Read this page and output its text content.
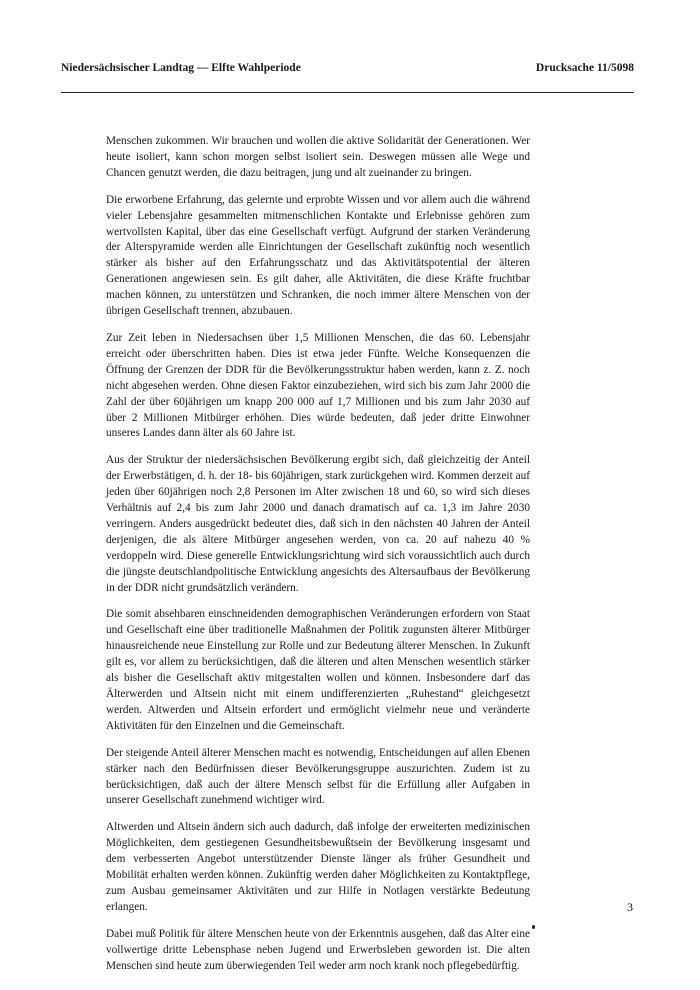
Niedersächsischer Landtag — Elfte Wahlperiode	Drucksache 11/5098

Menschen zukommen. Wir brauchen und wollen die aktive Solidarität der Generationen. Wer heute isoliert, kann schon morgen selbst isoliert sein. Deswegen müssen alle Wege und Chancen genutzt werden, die dazu beitragen, jung und alt zueinander zu bringen.

Die erworbene Erfahrung, das gelernte und erprobte Wissen und vor allem auch die während vieler Lebensjahre gesammelten mitmenschlichen Kontakte und Erlebnisse gehören zum wertvollsten Kapital, über das eine Gesellschaft verfügt. Aufgrund der starken Veränderung der Alterspyramide werden alle Einrichtungen der Gesellschaft zukünftig noch wesentlich stärker als bisher auf den Erfahrungsschatz und das Aktivitätspotential der älteren Generationen angewiesen sein. Es gilt daher, alle Aktivitäten, die diese Kräfte fruchtbar machen können, zu unterstützen und Schranken, die noch immer ältere Menschen von der übrigen Gesellschaft trennen, abzubauen.

Zur Zeit leben in Niedersachsen über 1,5 Millionen Menschen, die das 60. Lebensjahr erreicht oder überschritten haben. Dies ist etwa jeder Fünfte. Welche Konsequenzen die Öffnung der Grenzen der DDR für die Bevölkerungsstruktur haben werden, kann z. Z. noch nicht abgesehen werden. Ohne diesen Faktor einzubeziehen, wird sich bis zum Jahr 2000 die Zahl der über 60jährigen um knapp 200 000 auf 1,7 Millionen und bis zum Jahr 2030 auf über 2 Millionen Mitbürger erhöhen. Dies würde bedeuten, daß jeder dritte Einwohner unseres Landes dann älter als 60 Jahre ist.

Aus der Struktur der niedersächsischen Bevölkerung ergibt sich, daß gleichzeitig der Anteil der Erwerbstätigen, d. h. der 18- bis 60jährigen, stark zurückgehen wird. Kommen derzeit auf jeden über 60jährigen noch 2,8 Personen im Alter zwischen 18 und 60, so wird sich dieses Verhältnis auf 2,4 bis zum Jahr 2000 und danach dramatisch auf ca. 1,3 im Jahre 2030 verringern. Anders ausgedrückt bedeutet dies, daß sich in den nächsten 40 Jahren der Anteil derjenigen, die als ältere Mitbürger angesehen werden, von ca. 20 auf nahezu 40 % verdoppeln wird. Diese generelle Entwicklungsrichtung wird sich voraussichtlich auch durch die jüngste deutschlandpolitische Entwicklung angesichts des Altersaufbaus der Bevölkerung in der DDR nicht grundsätzlich verändern.

Die somit absehbaren einschneidenden demographischen Veränderungen erfordern von Staat und Gesellschaft eine über traditionelle Maßnahmen der Politik zugunsten älterer Mitbürger hinausreichende neue Einstellung zur Rolle und zur Bedeutung älterer Menschen. In Zukunft gilt es, vor allem zu berücksichtigen, daß die älteren und alten Menschen wesentlich stärker als bisher die Gesellschaft aktiv mitgestalten wollen und können. Insbesondere darf das Älterwerden und Altsein nicht mit einem undifferenzierten „Ruhestand“ gleichgesetzt werden. Altwerden und Altsein erfordert und ermöglicht vielmehr neue und veränderte Aktivitäten für den Einzelnen und die Gemeinschaft.

Der steigende Anteil älterer Menschen macht es notwendig, Entscheidungen auf allen Ebenen stärker nach den Bedürfnissen dieser Bevölkerungsgruppe auszurichten. Zudem ist zu berücksichtigen, daß auch der ältere Mensch selbst für die Erfüllung aller Aufgaben in unserer Gesellschaft zunehmend wichtiger wird.

Altwerden und Altsein ändern sich auch dadurch, daß infolge der erweiterten medizinischen Möglichkeiten, dem gestiegenen Gesundheitsbewußtsein der Bevölkerung insgesamt und dem verbesserten Angebot unterstützender Dienste länger als früher Gesundheit und Mobilität erhalten werden können. Zukünftig werden daher Möglichkeiten zu Kontaktpflege, zum Ausbau gemeinsamer Aktivitäten und zur Hilfe in Notlagen verstärkte Bedeutung erlangen.

Dabei muß Politik für ältere Menschen heute von der Erkenntnis ausgehen, daß das Alter eine vollwertige dritte Lebensphase neben Jugend und Erwerbsleben geworden ist. Die alten Menschen sind heute zum überwiegenden Teil weder arm noch krank noch pflegebedürftig.

3
